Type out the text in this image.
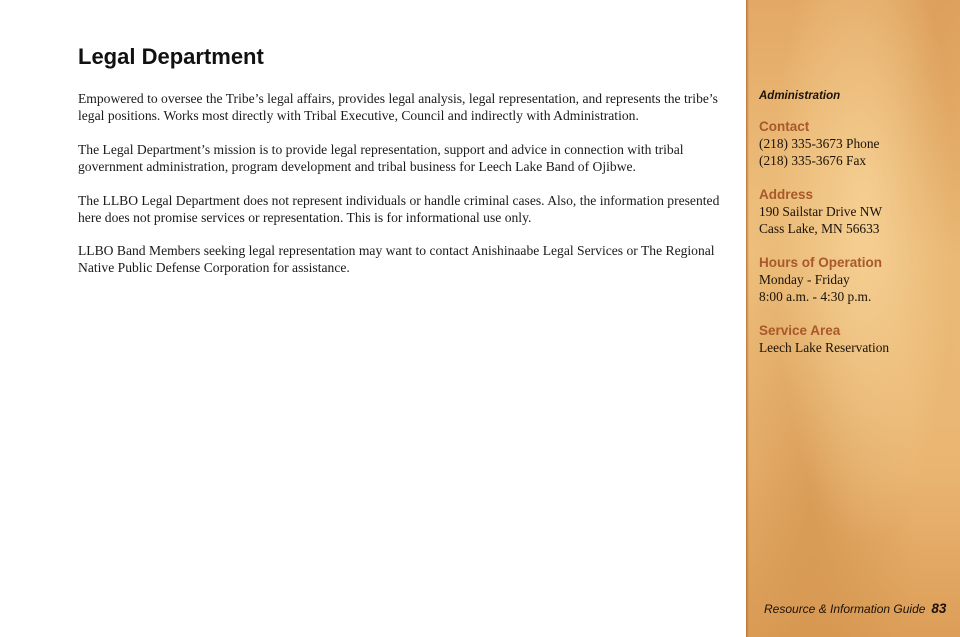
Legal Department

Empowered to oversee the Tribe’s legal affairs, provides legal analysis, legal representation, and represents the tribe’s legal positions. Works most directly with Tribal Executive, Council and indirectly with Administration.

The Legal Department’s mission is to provide legal representation, support and advice in connection with tribal government administration, program development and tribal business for Leech Lake Band of Ojibwe.

The LLBO Legal Department does not represent individuals or handle criminal cases. Also, the information presented here does not promise services or representation. This is for informational use only.

LLBO Band Members seeking legal representation may want to contact Anishinaabe Legal Services or The Regional Native Public Defense Corporation for assistance.

Administration
Contact
(218) 335-3673 Phone
(218) 335-3676 Fax
Address
190 Sailstar Drive NW
Cass Lake, MN 56633
Hours of Operation
Monday - Friday
8:00 a.m. - 4:30 p.m.
Service Area
Leech Lake Reservation
Resource & Information Guide 83
